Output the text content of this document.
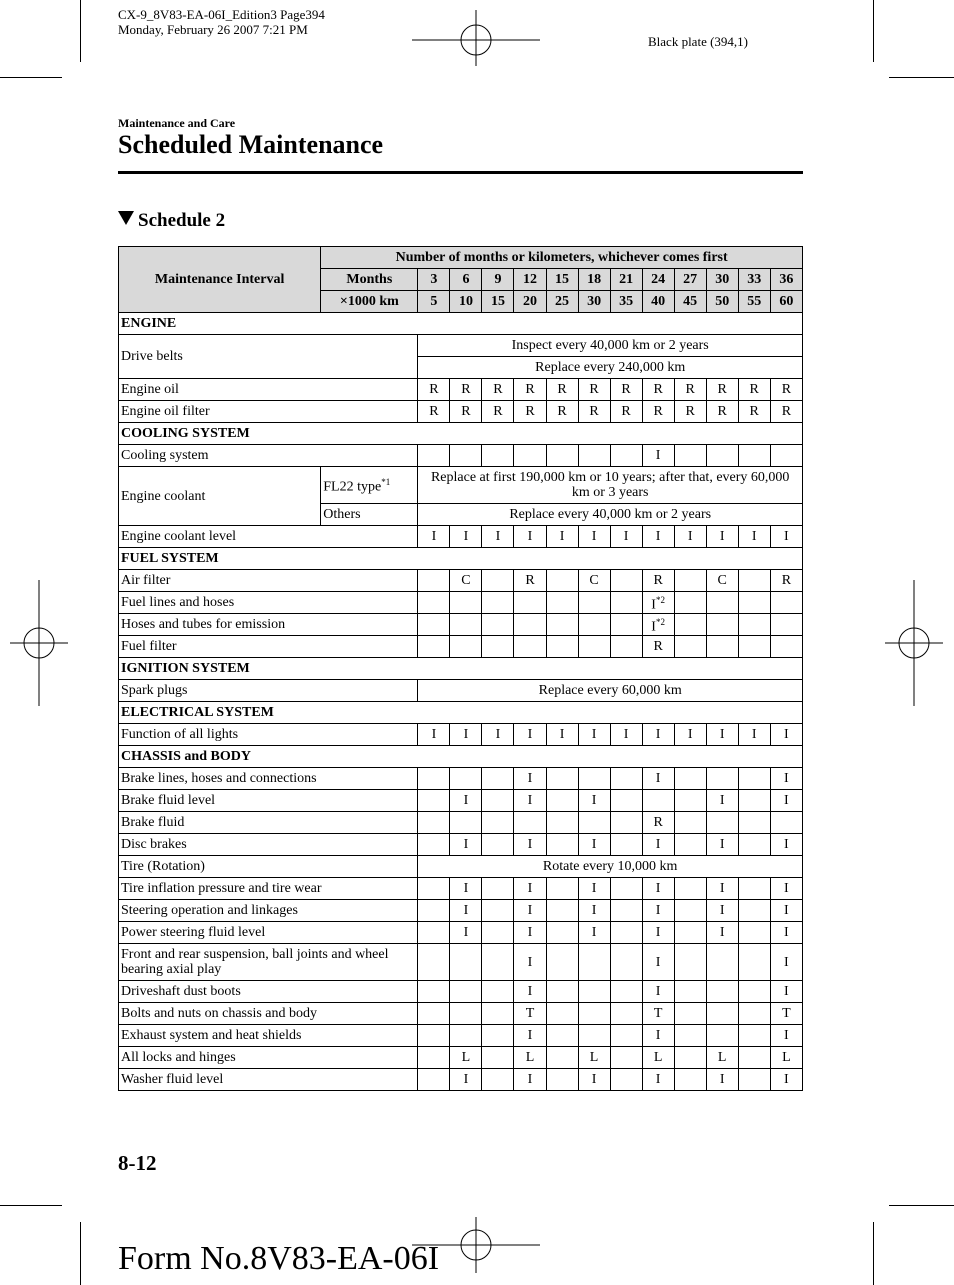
CX-9_8V83-EA-06I_Edition3 Page394
Monday, February 26 2007 7:21 PM
Black plate (394,1)
Maintenance and Care
Scheduled Maintenance
Schedule 2
Maintenance Interval	Number of months or kilometers, whichever comes first												
	Months	3	6	9	12	15	18	21	24	27	30	33	36
	×1000 km	5	10	15	20	25	30	35	40	45	50	55	60
ENGINE													
Drive belts		Inspect every 40,000 km or 2 years											
		Replace every 240,000 km											
Engine oil		R	R	R	R	R	R	R	R	R	R	R	R
Engine oil filter		R	R	R	R	R	R	R	R	R	R	R	R
COOLING SYSTEM													
Cooling system									I				
Engine coolant	FL22 type$^{*1}$	Replace at first 190,000 km or 10 years; after that, every 60,000 km or 3 years											
	Others	Replace every 40,000 km or 2 years											
Engine coolant level		I	I	I	I	I	I	I	I	I	I	I	I
FUEL SYSTEM													
Air filter			C		R		C		R		C		R
Fuel lines and hoses									$I^{*2}$				
Hoses and tubes for emission									$I^{*2}$				
Fuel filter									R				
IGNITION SYSTEM													
Spark plugs		Replace every 60,000 km											
ELECTRICAL SYSTEM													
Function of all lights		I	I	I	I	I	I	I	I	I	I	I	I
CHASSIS and BODY													
Brake lines, hoses and connections					I				I				I
Brake fluid level			I		I		I				I		I
Brake fluid									R				
Disc brakes			I		I		I		I		I		I
Tire (Rotation)		Rotate every 10,000 km											
Tire inflation pressure and tire wear			I		I		I		I		I		I
Steering operation and linkages			I		I		I		I		I		I
Power steering fluid level			I		I		I		I		I		I
Front and rear suspension, ball joints and wheel bearing axial play					I				I				I
Driveshaft dust boots					I				I				I
Bolts and nuts on chassis and body					T				T				T
Exhaust system and heat shields					I				I				I
All locks and hinges			L		L		L		L		L		L
Washer fluid level			I		I		I		I		I		I
8-12
Form No.8V83-EA-06I
